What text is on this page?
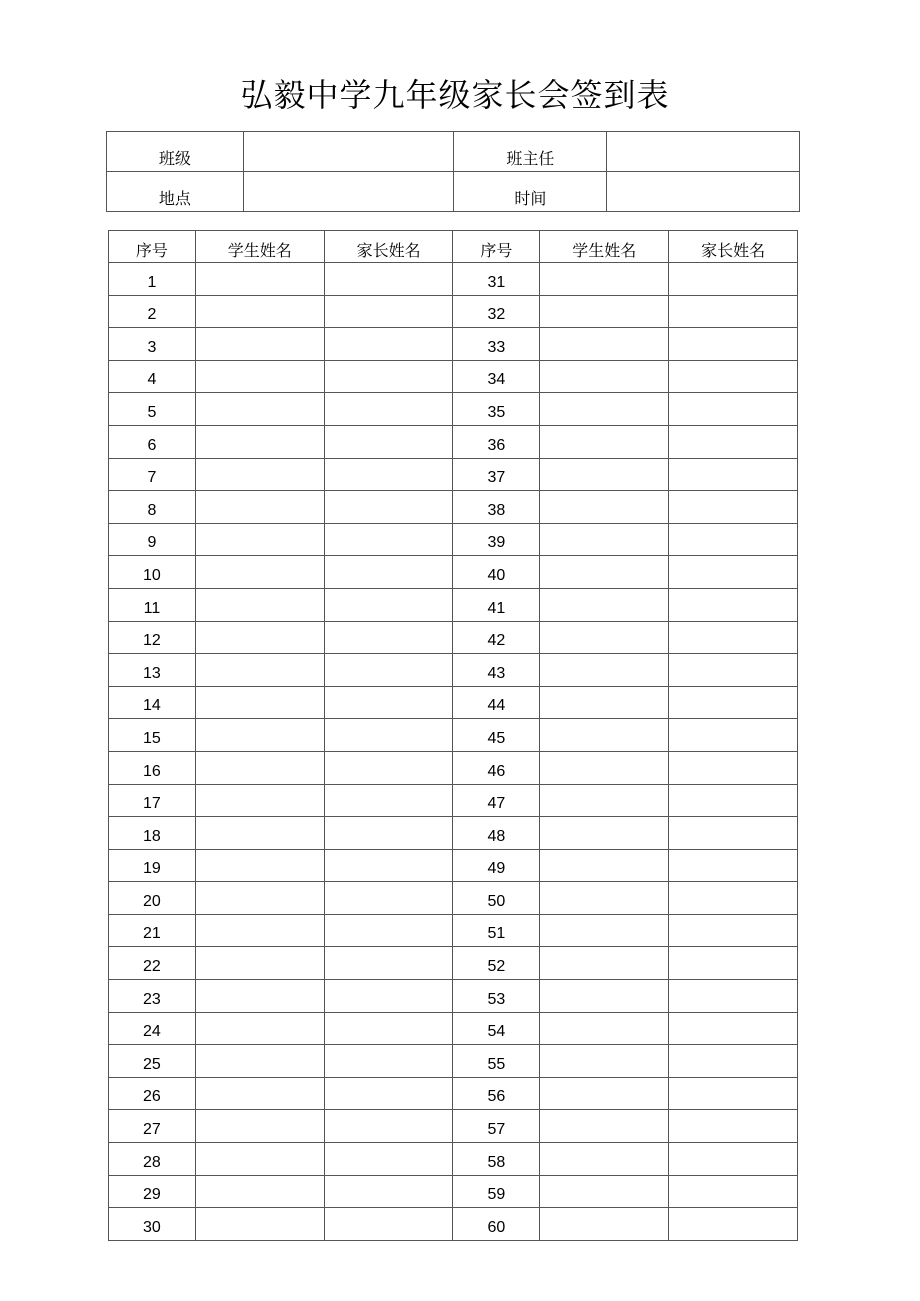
弘毅中学九年级家长会签到表
班级		班主任	
地点		时间	
序号	学生姓名	家长姓名	序号	学生姓名	家长姓名
1			31		
2			32		
3			33		
4			34		
5			35		
6			36		
7			37		
8			38		
9			39		
10			40		
11			41		
12			42		
13			43		
14			44		
15			45		
16			46		
17			47		
18			48		
19			49		
20			50		
21			51		
22			52		
23			53		
24			54		
25			55		
26			56		
27			57		
28			58		
29			59		
30			60		
